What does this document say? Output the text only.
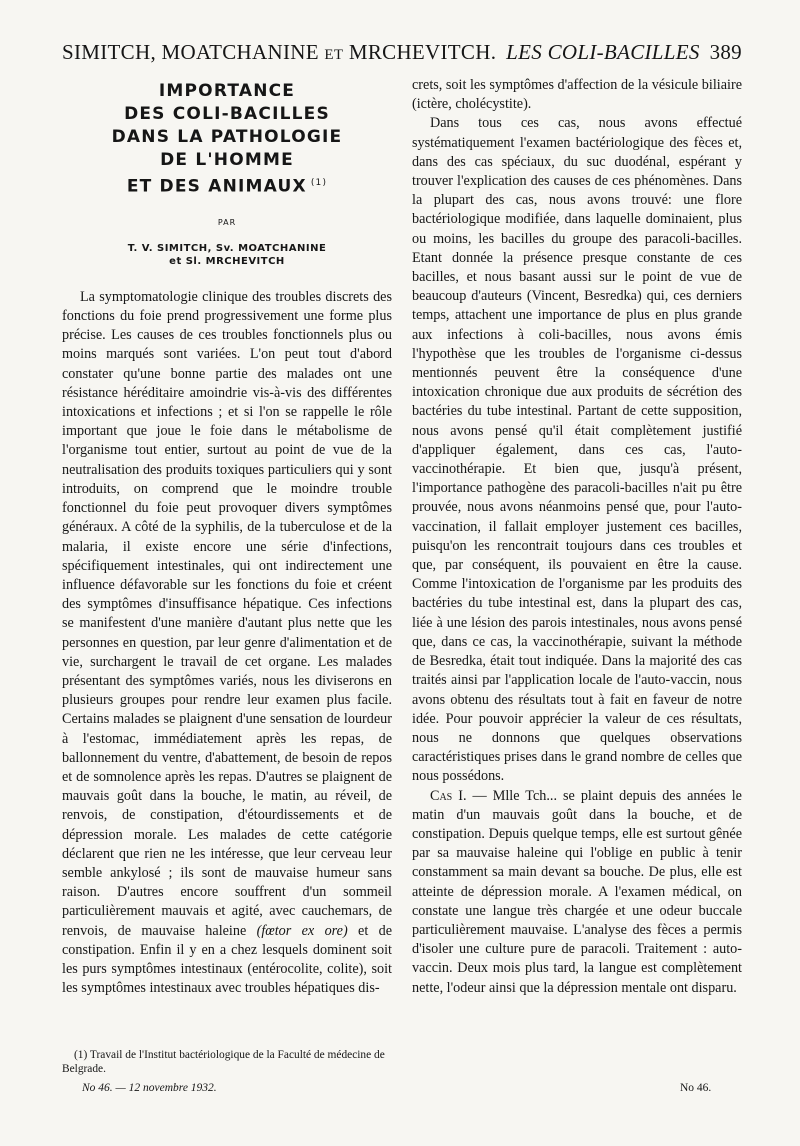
SIMITCH, MOATCHANINE et MRCHEVITCH. LES COLI-BACILLES 389
IMPORTANCE
DES COLI-BACILLES
DANS LA PATHOLOGIE
DE L'HOMME
ET DES ANIMAUX $^{(1)}$
PAR
T. V. SIMITCH, Sv. MOATCHANINE
et Sl. MRCHEVITCH

La symptomatologie clinique des troubles discrets des fonctions du foie prend progressivement une forme plus précise. Les causes de ces troubles fonctionnels plus ou moins marqués sont variées. L'on peut tout d'abord constater qu'une bonne partie des malades ont une résistance héréditaire amoindrie vis-à-vis des différentes intoxications et infections ; et si l'on se rappelle le rôle important que joue le foie dans le métabolisme de l'organisme tout entier, surtout au point de vue de la neutralisation des produits toxiques particuliers qui y sont introduits, on comprend que le moindre trouble fonctionnel du foie peut provoquer divers symptômes généraux. A côté de la syphilis, de la tuberculose et de la malaria, il existe encore une série d'infections, spécifiquement intestinales, qui ont indirectement une influence défavorable sur les fonctions du foie et créent des symptômes d'insuffisance hépatique. Ces infections se manifestent d'une manière d'autant plus nette que les personnes en question, par leur genre d'alimentation et de vie, surchargent le travail de cet organe. Les malades présentant des symptômes variés, nous les diviserons en plusieurs groupes pour rendre leur examen plus facile. Certains malades se plaignent d'une sensation de lourdeur à l'estomac, immédiatement après les repas, de ballonnement du ventre, d'abattement, de besoin de repos et de somnolence après les repas. D'autres se plaignent de mauvais goût dans la bouche, le matin, au réveil, de renvois, de constipation, d'étourdissements et de dépression morale. Les malades de cette catégorie déclarent que rien ne les intéresse, que leur cerveau leur semble ankylosé ; ils sont de mauvaise humeur sans raison. D'autres encore souffrent d'un sommeil particulièrement mauvais et agité, avec cauchemars, de renvois, de mauvaise haleine (fœtor ex ore) et de constipation. Enfin il y en a chez lesquels dominent soit les purs symptômes intestinaux (entérocolite, colite), soit les symptômes intestinaux avec troubles hépatiques dis-

(1) Travail de l'Institut bactériologique de la Faculté de médecine de Belgrade.

crets, soit les symptômes d'affection de la vésicule biliaire (ictère, cholécystite).

Dans tous ces cas, nous avons effectué systématiquement l'examen bactériologique des fèces et, dans des cas spéciaux, du suc duodénal, espérant y trouver l'explication des causes de ces phénomènes. Dans la plupart des cas, nous avons trouvé: une flore bactériologique modifiée, dans laquelle dominaient, plus ou moins, les bacilles du groupe des paracoli-bacilles. Etant donnée la présence presque constante de ces bacilles, et nous basant aussi sur le point de vue de beaucoup d'auteurs (Vincent, Besredka) qui, ces derniers temps, attachent une importance de plus en plus grande aux infections à coli-bacilles, nous avons émis l'hypothèse que les troubles de l'organisme ci-dessus mentionnés peuvent être la conséquence d'une intoxication chronique due aux produits de sécrétion des bactéries du tube intestinal. Partant de cette supposition, nous avons pensé qu'il était complètement justifié d'appliquer également, dans ces cas, l'auto-vaccinothérapie. Et bien que, jusqu'à présent, l'importance pathogène des paracoli-bacilles n'ait pu être prouvée, nous avons néanmoins pensé que, pour l'auto-vaccination, il fallait employer justement ces bacilles, puisqu'on les rencontrait toujours dans ces troubles et que, par conséquent, ils pouvaient en être la cause. Comme l'intoxication de l'organisme par les produits des bactéries du tube intestinal est, dans la plupart des cas, liée à une lésion des parois intestinales, nous avons pensé que, dans ce cas, la vaccinothérapie, suivant la méthode de Besredka, était tout indiquée. Dans la majorité des cas traités ainsi par l'application locale de l'auto-vaccin, nous avons obtenu des résultats tout à fait en faveur de notre idée. Pour pouvoir apprécier la valeur de ces résultats, nous ne donnons que quelques observations caractéristiques prises dans le grand nombre de celles que nous possédons.

Cas I. — Mlle Tch... se plaint depuis des années le matin d'un mauvais goût dans la bouche, et de constipation. Depuis quelque temps, elle est surtout gênée par sa mauvaise haleine qui l'oblige en public à tenir constamment sa main devant sa bouche. De plus, elle est atteinte de dépression morale. A l'examen médical, on constate une langue très chargée et une odeur buccale particulièrement mauvaise. L'analyse des fèces a permis d'isoler une culture pure de paracoli. Traitement : auto-vaccin. Deux mois plus tard, la langue est complètement nette, l'odeur ainsi que la dépression mentale ont disparu.

No 46. — 12 novembre 1932.	No 46.
